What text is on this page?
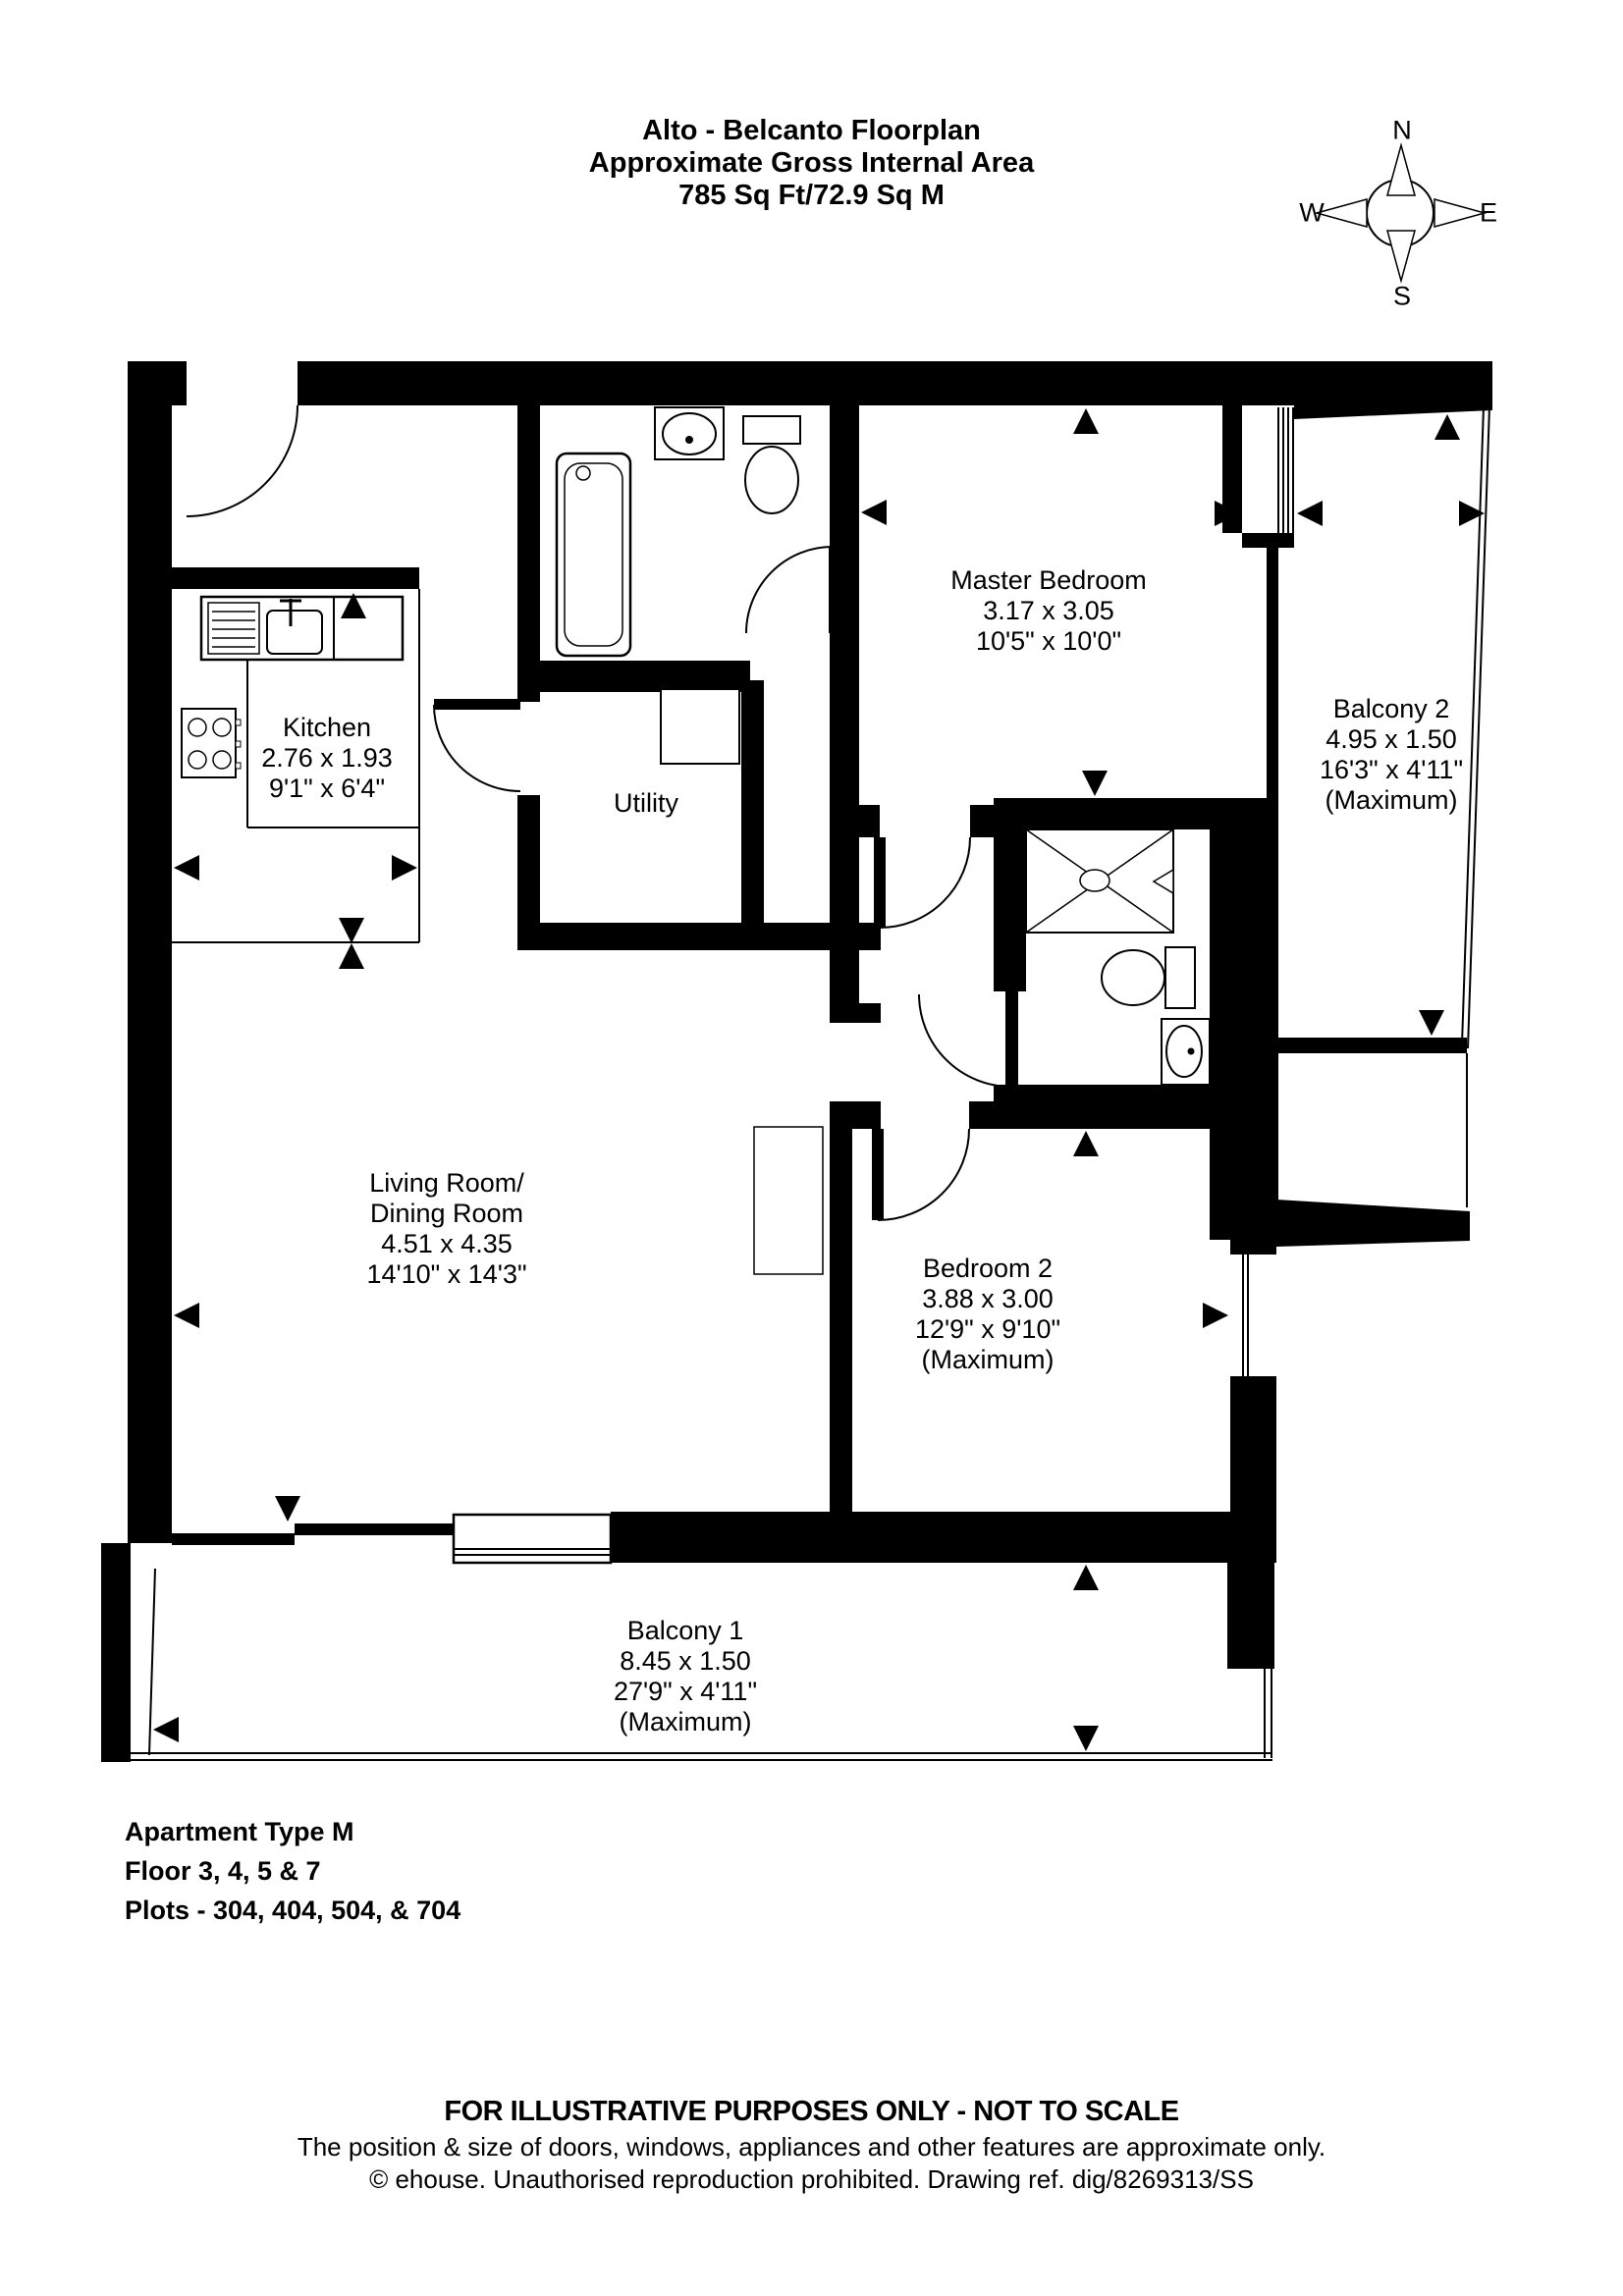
Alto - Belcanto Floorplan
Approximate Gross Internal Area
785 Sq Ft/72.9 Sq M
N
W	E
S
Kitchen
2.76 x 1.93
9'1" x 6'4"	Utility
Master Bedroom
3.17 x 3.05
10'5" x 10'0"
Balcony 2
4.95 x 1.50
16'3" x 4'11"
(Maximum)
Living Room/
Dining Room
4.51 x 4.35
14'10" x 14'3"	Bedroom 2
3.88 x 3.00
12'9" x 9'10"
(Maximum)
Balcony 1
8.45 x 1.50
27'9" x 4'11"
(Maximum)
Apartment Type M
Floor 3, 4, 5 & 7
Plots - 304, 404, 504, & 704
FOR ILLUSTRATIVE PURPOSES ONLY - NOT TO SCALE
The position & size of doors, windows, appliances and other features are approximate only.
© ehouse. Unauthorised reproduction prohibited. Drawing ref. dig/8269313/SS
